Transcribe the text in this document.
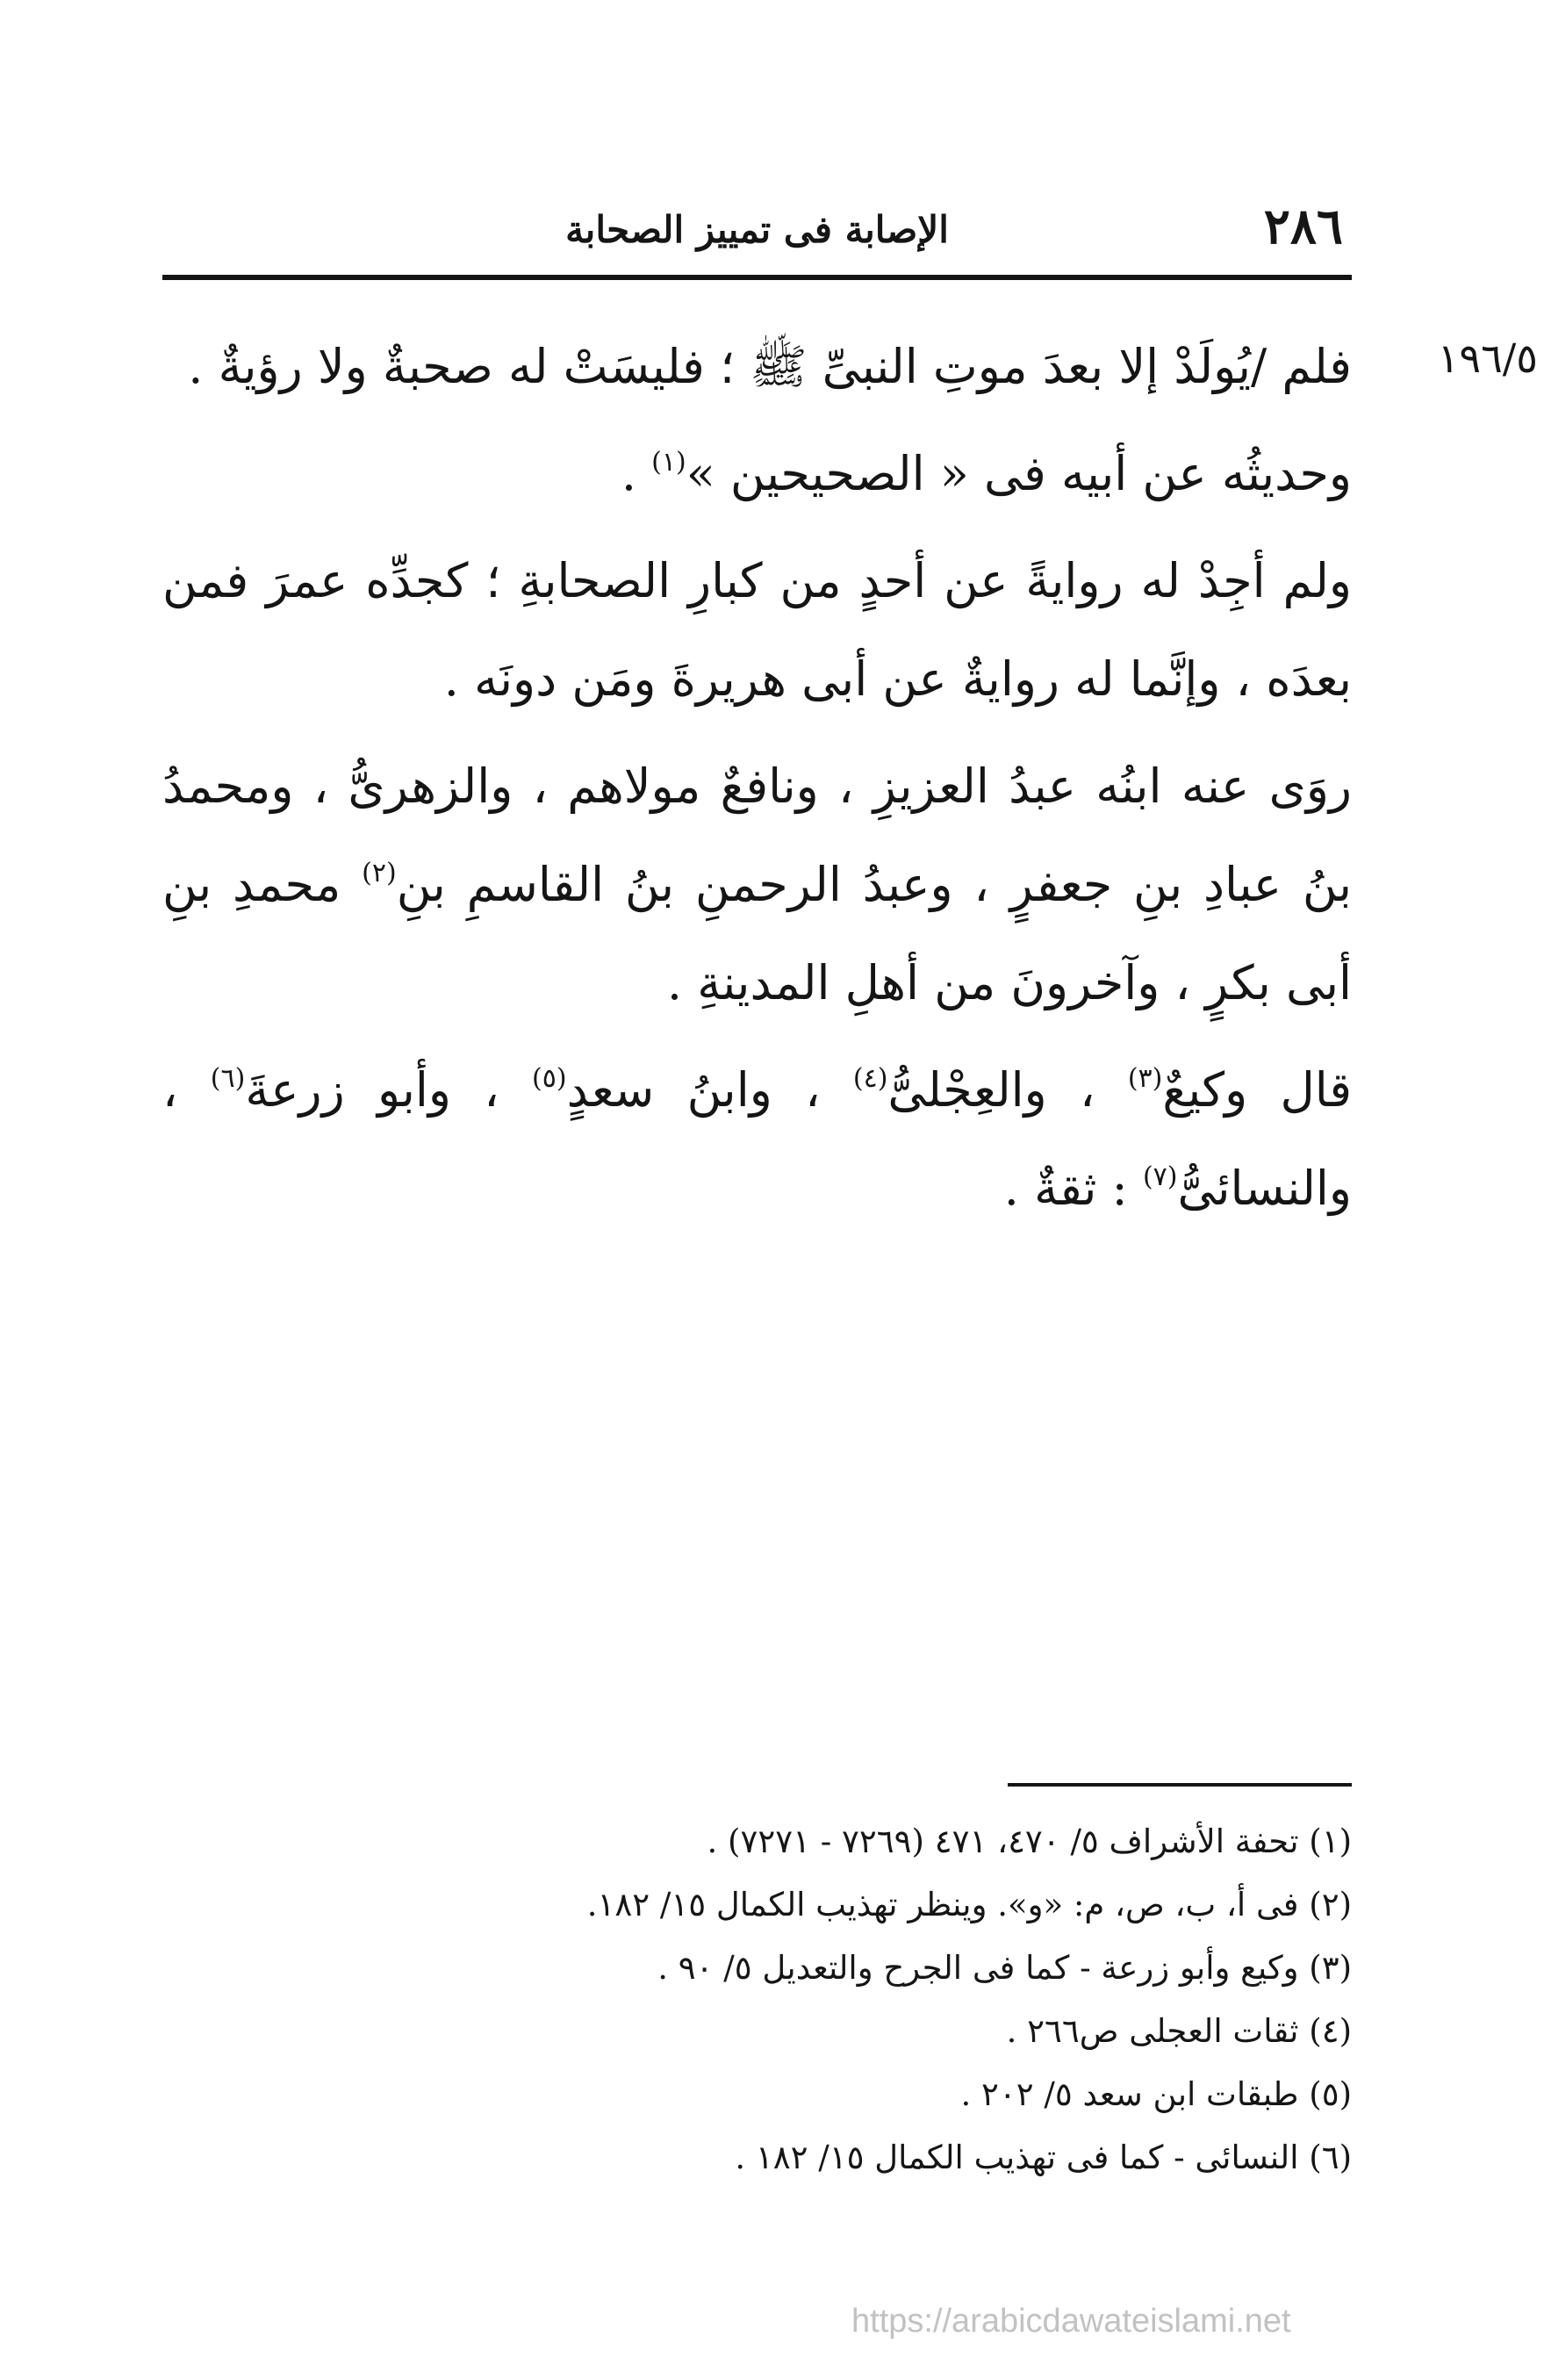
٢٨٦
الإصابة فى تمييز الصحابة
١٩٦/٥

فلم /يُولَدْ إلا بعدَ موتِ النبىِّ ﷺ ؛ فليسَتْ له صحبةٌ ولا رؤيةٌ .

وحديثُه عن أبيه فى « الصحيحين »$^{(١)}$ .

ولم أجِدْ له روايةً عن أحدٍ من كبارِ الصحابةِ ؛ كجدِّه عمرَ فمن بعدَه ، وإنَّما له روايةٌ عن أبى هريرةَ ومَن دونَه .

روَى عنه ابنُه عبدُ العزيزِ ، ونافعٌ مولاهم ، والزهرىُّ ، ومحمدُ بنُ عبادِ بنِ جعفرٍ ، وعبدُ الرحمنِ بنُ القاسمِ بنِ$^{(٢)}$ محمدِ بنِ أبى بكرٍ ، وآخرونَ من أهلِ المدينةِ .

قال وكيعٌ$^{(٣)}$ ، والعِجْلىُّ$^{(٤)}$ ، وابنُ سعدٍ$^{(٥)}$ ، وأبو زرعةَ$^{(٦)}$ ، والنسائىُّ$^{(٧)}$ : ثقةٌ .

(١) تحفة الأشراف ٥/ ٤٧٠، ٤٧١ (٧٢٦٩ - ٧٢٧١) .
(٢) فى أ، ب، ص، م: «و». وينظر تهذيب الكمال ١٥/ ١٨٢.
(٣) وكيع وأبو زرعة - كما فى الجرح والتعديل ٥/ ٩٠ .
(٤) ثقات العجلى ص٢٦٦ .
(٥) طبقات ابن سعد ٥/ ٢٠٢ .
(٦) النسائى - كما فى تهذيب الكمال ١٥/ ١٨٢ .
https://arabicdawateislami.net
